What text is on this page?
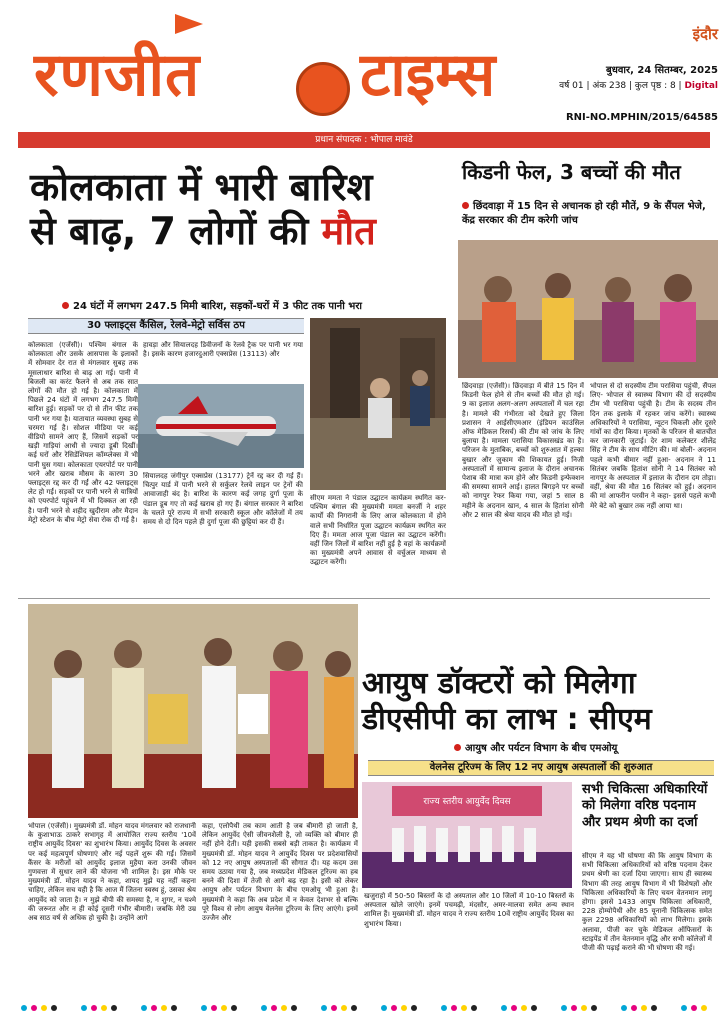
रणजीत	टाइम्स
इंदौर
बुधवार, 24 सितम्बर, 2025
वर्ष 01 | अंक 238 | कुल पृष्ठ : 8 | Digital
RNI-NO.MPHIN/2015/64585
प्रधान संपादक : भोपाल मावंडे
कोलकाता में भारी बारिश
से बाढ़, 7 लोगों की मौत
24 घंटों में लगभग 247.5 मिमी बारिश, सड़कों-घरों में 3 फीट तक पानी भरा
30 फ्लाइट्स कैंसिल, रेलवे-मेट्रो सर्विस ठप
कोलकाता (एजेंसी)। पश्चिम बंगाल के कोलकाता और उसके आसपास के इलाकों में सोमवार देर रात से मंगलवार सुबह तक मूसलाधार बारिश से बाढ़ आ गई। पानी में बिजली का करंट फैलने से अब तक सात लोगों की मौत हो गई है। कोलकाता में पिछले 24 घंटों में लगभग 247.5 मिमी बारिश हुई। सड़कों पर दो से तीन फीट तक पानी भर गया है। यातायात व्यवस्था सुबह से चरमरा गई है। सोशल मीडिया पर कई वीडियो सामने आए हैं, जिसमें सड़कों पर खड़ी गाड़ियां आधी से ज्यादा डूबी दिखीं। कई घरों और रेसिडेंशियल कॉम्प्लेक्स में भी पानी घुस गया। कोलकाता एयरपोर्ट पर पानी भरने और खराब मौसम के कारण 30 फ्लाइट्स रद्द कर दी गईं और 42 फ्लाइट्स लेट हो गईं। सड़कों पर पानी भरने से यात्रियों को एयरपोर्ट पहुंचने में भी दिक्कत आ रही है। पानी भरने से शहीद खुदीराम और मैदान मेट्रो स्टेशन के बीच मेट्रो सेवा रोक दी गई है।
हावड़ा और सियालदह डिवीजनों के रेलवे ट्रैक पर पानी भर गया है। इसके कारण हजारदुआरी एक्सप्रेस (13113) और
सियालदह जंगीपुर एक्सप्रेस (13177) ट्रेनें रद्द कर दी गई हैं। चित्पुर यार्ड में पानी भरने से सर्कुलर रेलवे लाइन पर ट्रेनों की आवाजाही बंद है। बारिश के कारण कई जगह दुर्गा पूजा के पंडाल डूब गए तो कई खराब हो गए हैं। बंगाल सरकार ने बारिश के चलते पूरे राज्य में सभी सरकारी स्कूल और कॉलेजों में तय समय से दो दिन पहले ही दुर्गा पूजा की छुट्टियां कर दी हैं।
सीएम ममता ने पंडाल उद्घाटन कार्यक्रम स्थगित कर- पश्चिम बंगाल की मुख्यमंत्री ममता बनर्जी ने शहर कार्यों की निगरानी के लिए आज कोलकाता में होने वाले सभी निर्धारित पूजा उद्घाटन कार्यक्रम स्थगित कर दिए हैं। ममता आज पूजा पंडाल का उद्घाटन करेंगी। वहीं जिन जिलों में बारिश नहीं हुई है वहां के कार्यक्रमों का मुख्यमंत्री अपने आवास से वर्चुअल माध्यम से उद्घाटन करेंगी।
किडनी फेल, 3 बच्चों की मौत
छिंदवाड़ा में 15 दिन से अचानक हो रही मौतें, 9 के सैंपल भेजे, केंद्र सरकार की टीम करेगी जांच
छिंदवाड़ा (एजेंसी)। छिंदवाड़ा में बीते 15 दिन में किडनी फेल होने से तीन बच्चों की मौत हो गई। 9 का इलाज अलग-अलग अस्पतालों में चल रहा है। मामले की गंभीरता को देखते हुए जिला प्रशासन ने आईसीएमआर (इंडियन काउंसिल ऑफ मेडिकल रिसर्च) की टीम को जांच के लिए बुलाया है। मामला परासिया विकासखंड का है। परिजन के मुताबिक, बच्चों को शुरुआत में हल्का बुखार और जुकाम की शिकायत हुई। निजी अस्पतालों में सामान्य इलाज के दौरान अचानक पेशाब की मात्रा कम होने और किडनी इन्फेक्शन की समस्या सामने आई। हालत बिगड़ने पर बच्चों को नागपुर रेफर किया गया, जहां 5 साल 8 महीने के अदनान खान, 4 साल के हितांश सोनी और 2 साल की श्रेया यादव की मौत हो गई।
भोपाल से दो सदस्यीय टीम परासिया पहुंची, सैंपल लिए- भोपाल से स्वास्थ्य विभाग की दो सदस्यीय टीम भी परासिया पहुंची है। टीम के सदस्य तीन दिन तक इलाके में रहकर जांच करेंगे। स्वास्थ्य अधिकारियों ने परासिया, न्यूटन चिकली और दूसरे गांवों का दौरा किया। मृतकों के परिजन से बातचीत कर जानकारी जुटाई। देर शाम कलेक्टर शीलेंद्र सिंह ने टीम के साथ मीटिंग की। मां बोली- अदनान पहले कभी बीमार नहीं हुआ- अदनान ने 11 सितंबर जबकि हितांश सोनी ने 14 सितंबर को नागपुर के अस्पताल में इलाज के दौरान दम तोड़ा। वहीं, श्रेया की मौत 16 सितंबर को हुई। अदनान की मां आफरीन परवीन ने कहा- इससे पहले कभी मेरे बेटे को बुखार तक नहीं आया था।
आयुष डॉक्टरों को मिलेगा
डीएसीपी का लाभ : सीएम
आयुष और पर्यटन विभाग के बीच एमओयू
वेलनेस टूरिज्म के लिए 12 नए आयुष अस्पतालों की शुरुआत
राज्य स्तरीय आयुर्वेद दिवस
सभी चिकित्सा अधिकारियों को मिलेगा वरिष्ठ पदनाम और प्रथम श्रेणी का दर्जा
सीएम ने यह भी घोषणा की कि आयुष विभाग के सभी चिकित्सा अधिकारियों को वरिष्ठ पदनाम देकर प्रथम श्रेणी का दर्जा दिया जाएगा। साथ ही स्वास्थ्य विभाग की तरह आयुष विभाग में भी विशेषज्ञों और चिकित्सा अधिकारियों के लिए चयन वेतनमान लागू होगा। इससे 1433 आयुष चिकित्सा अधिकारी, 228 होम्योपैथी और 85 यूनानी चिकित्सक समेत कुल 2298 अधिकारियों को लाभ मिलेगा। इसके अलावा, पीजी कर चुके मेडिकल ऑफिसरों के स्टाइपेंड में तीन वेतनमान वृद्धि और सभी कॉलेजों में पीजी की पढ़ाई कराने की भी घोषणा की गई।
भोपाल (एजेंसी)। मुख्यमंत्री डॉ. मोहन यादव मंगलवार को राजधानी के कुशाभाऊ ठाकरे सभागृह में आयोजित राज्य स्तरीय '10वें राष्ट्रीय आयुर्वेद दिवस' का शुभारंभ किया। आयुर्वेद दिवस के अवसर पर कई महत्वपूर्ण घोषणाएं और नई पहलें शुरू की गईं। जिसमें कैंसर के मरीजों को आयुर्वेद इलाज मुहैया करा उनकी जीवन गुणवत्ता में सुधार लाने की योजना भी शामिल है। इस मौके पर मुख्यमंत्री डॉ. मोहन यादव ने कहा, शायद मुझे यह नहीं कहना चाहिए, लेकिन सच यही है कि आज मैं जितना स्वस्थ हूं, उसका श्रेय आयुर्वेद को जाता है। न मुझे बीपी की समस्या है, न शुगर, न चश्मे की जरूरत और न ही कोई दूसरी गंभीर बीमारी। जबकि मेरी उम्र अब साठ वर्ष से अधिक हो चुकी है। उन्होंने आगे
कहा, एलोपैथी तब काम आती है जब बीमारी हो जाती है, लेकिन आयुर्वेद ऐसी जीवनशैली है, जो व्यक्ति को बीमार ही नहीं होने देती। यही इसकी सबसे बड़ी ताकत है। कार्यक्रम में मुख्यमंत्री डॉ. मोहन यादव ने आयुर्वेद दिवस पर प्रदेशवासियों को 12 नए आयुष अस्पतालों की सौगात दी। यह कदम उस समय उठाया गया है, जब मध्यप्रदेश मेडिकल टूरिज्म का हब बनने की दिशा में तेजी से आगे बढ़ रहा है। इसी को लेकर आयुष और पर्यटन विभाग के बीच एमओयू भी हुआ है। मुख्यमंत्री ने कहा कि अब प्रदेश में न केवल देशभर से बल्कि पूरे विश्व से लोग आयुष वेलनेस टूरिज्म के लिए आएंगे। इनमें उज्जैन और
खजुराहो में 50-50 बिस्तरों के दो अस्पताल और 10 जिलों में 10-10 बिस्तरों के अस्पताल खोले जाएंगे। इनमें पचमढ़ी, मंदसौर, अमर-मालवा समेत अन्य स्थान शामिल हैं। मुख्यमंत्री डॉ. मोहन यादव ने राज्य स्तरीय 10वें राष्ट्रीय आयुर्वेद दिवस का शुभारंभ किया।
